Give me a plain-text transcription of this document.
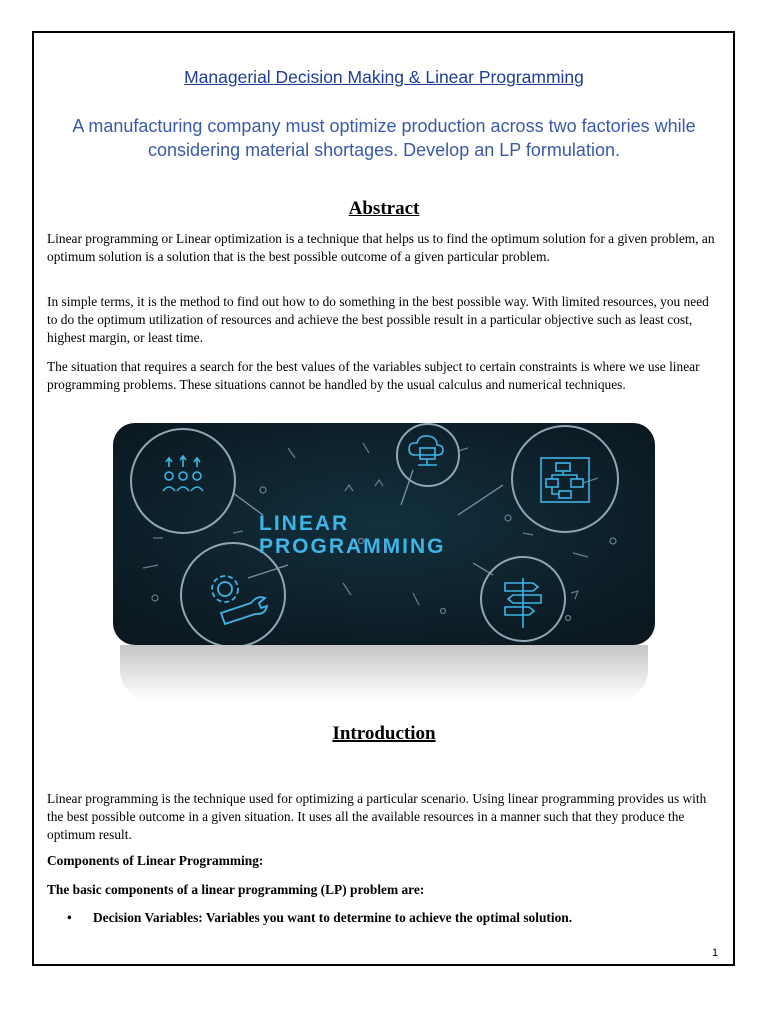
Managerial Decision Making & Linear Programming
A manufacturing company must optimize production across two factories while considering material shortages. Develop an LP formulation.
Abstract
Linear programming or Linear optimization is a technique that helps us to find the optimum solution for a given problem, an optimum solution is a solution that is the best possible outcome of a given particular problem.
In simple terms, it is the method to find out how to do something in the best possible way. With limited resources, you need to do the optimum utilization of resources and achieve the best possible result in a particular objective such as least cost, highest margin, or least time.
The situation that requires a search for the best values of the variables subject to certain constraints is where we use linear programming problems. These situations cannot be handled by the usual calculus and numerical techniques.
LINEAR
PROGRAMMING
Introduction
Linear programming is the technique used for optimizing a particular scenario. Using linear programming provides us with the best possible outcome in a given situation. It uses all the available resources in a manner such that they produce the optimum result.
Components of Linear Programming:
The basic components of a linear programming (LP) problem are:
• Decision Variables: Variables you want to determine to achieve the optimal solution.
1
